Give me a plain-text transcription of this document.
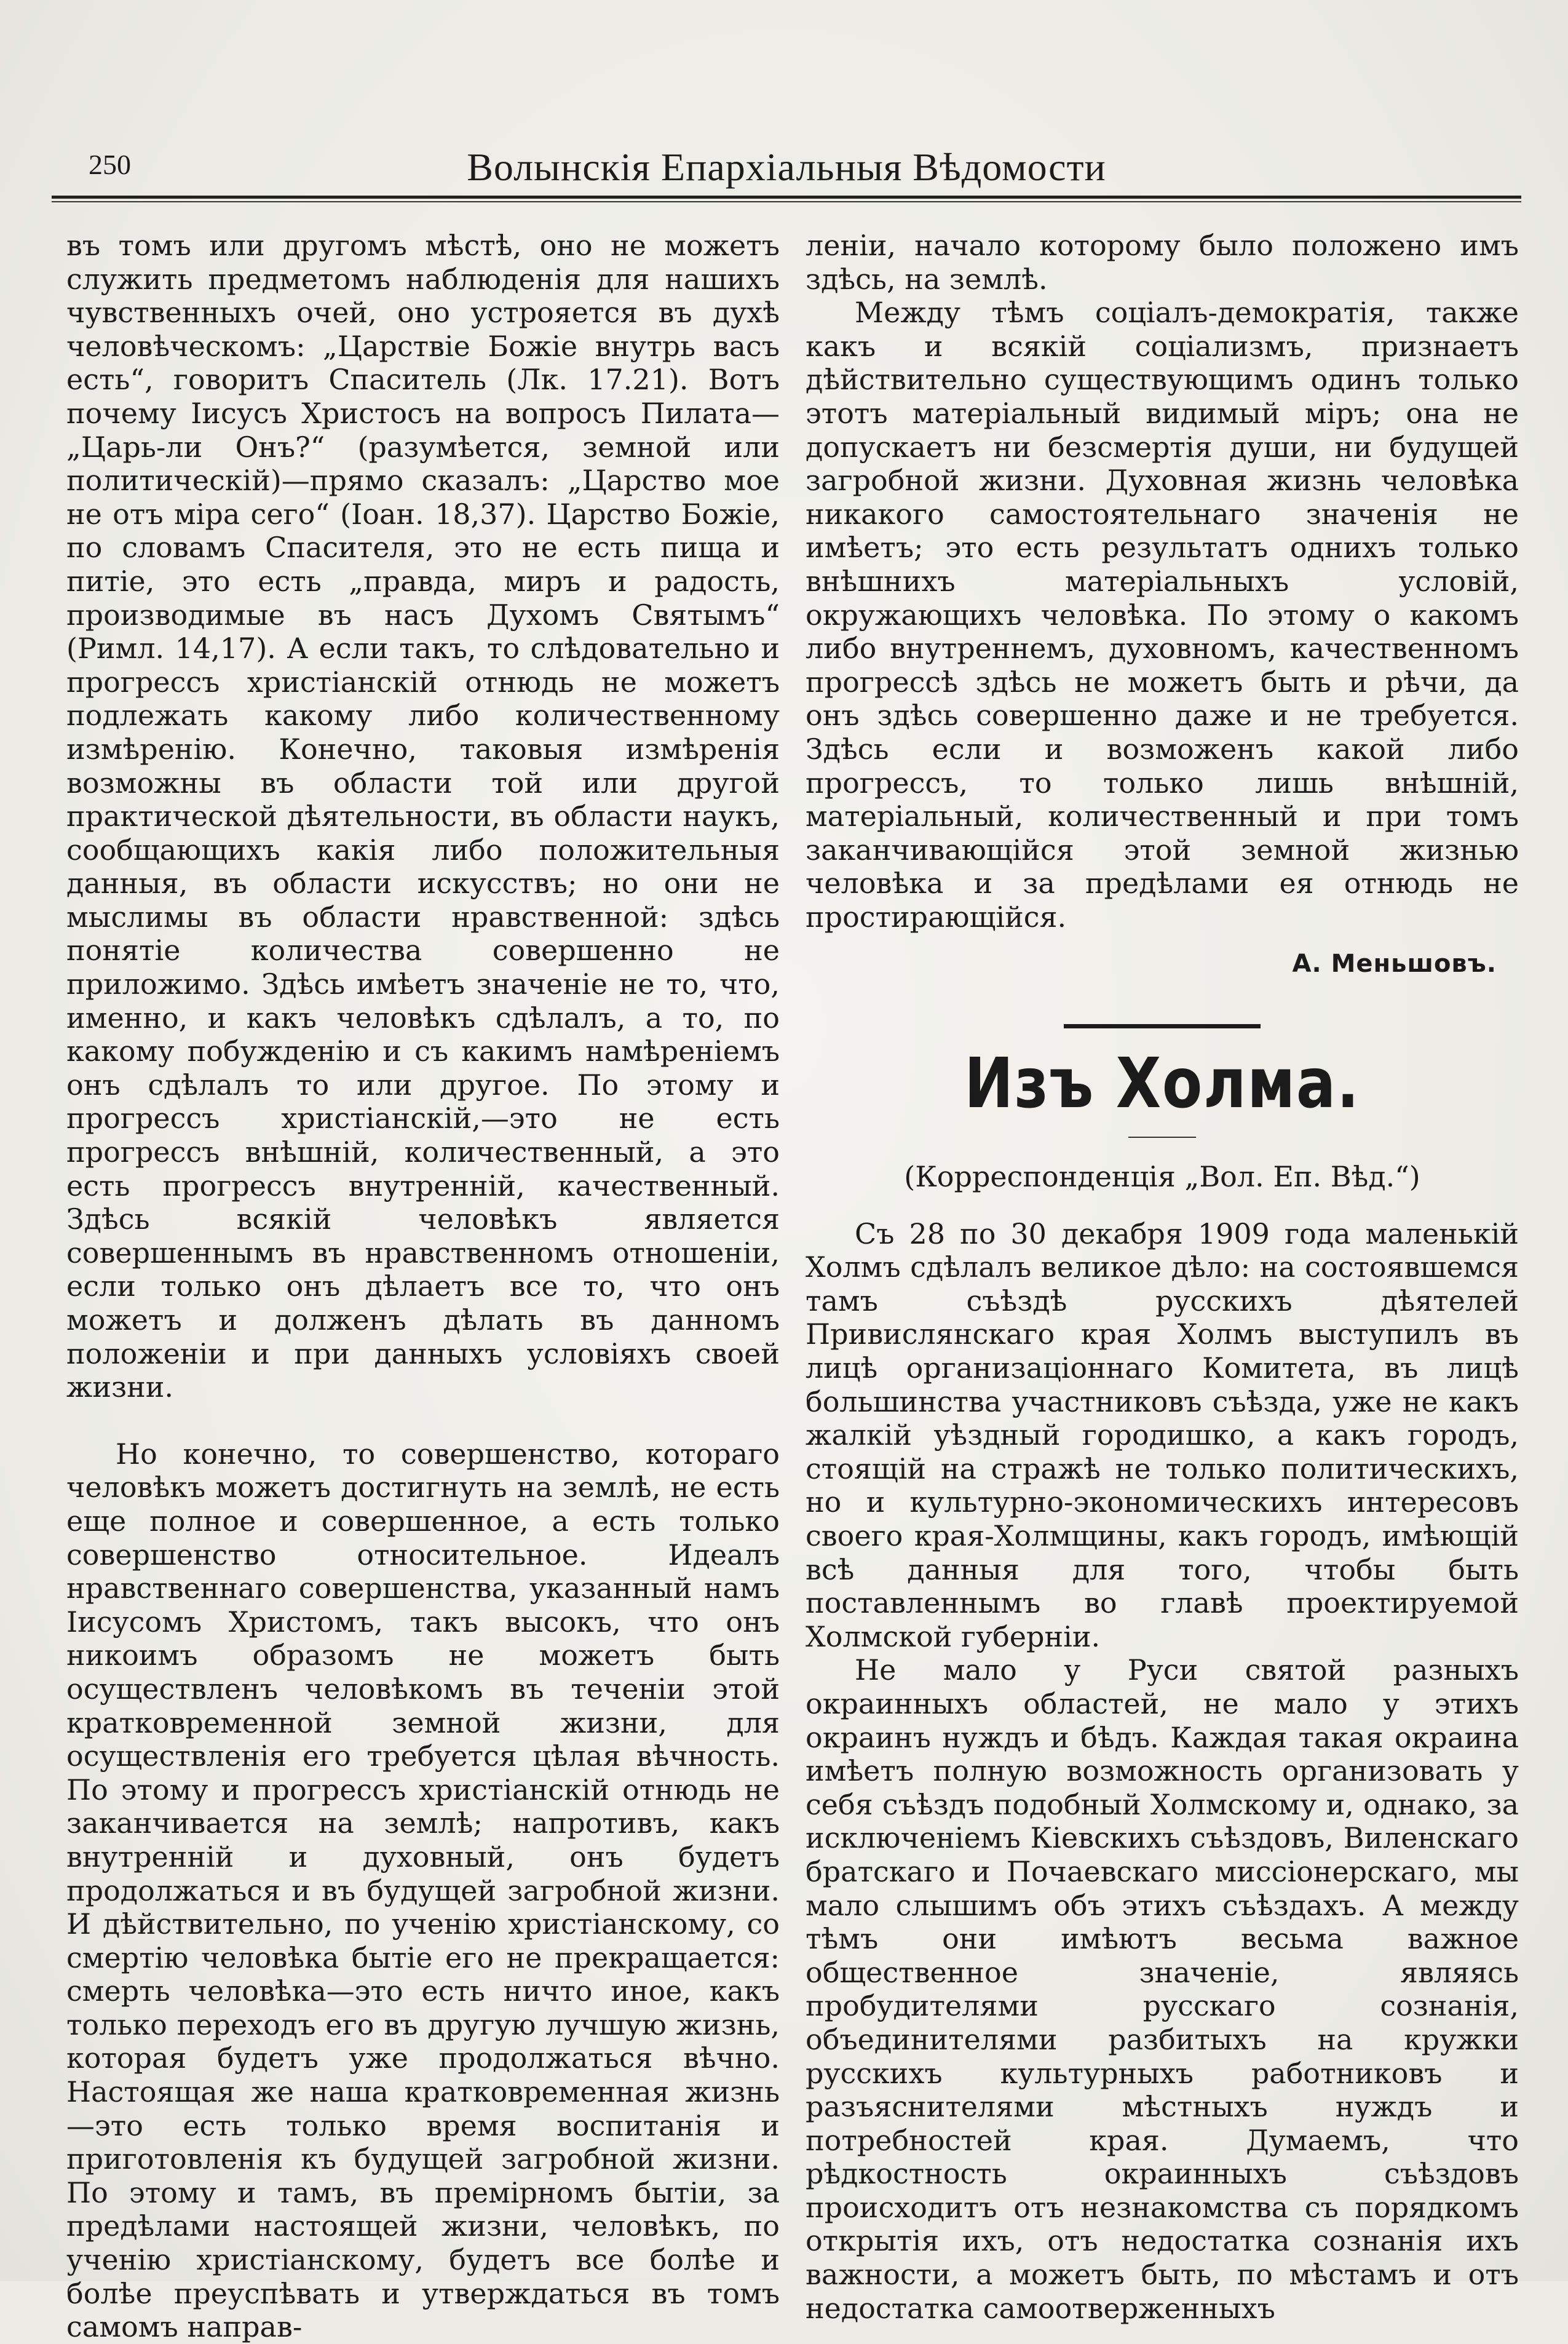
250	Волынскія Епархіальныя Вѣдомости

въ томъ или другомъ мѣстѣ, оно не можетъ служить предметомъ наблюденія для нашихъ чувственныхъ очей, оно устрояется въ духѣ человѣческомъ: „Царствіе Божіе внутрь васъ есть“, говоритъ Спаситель (Лк. 17.21). Вотъ почему Іисусъ Христосъ на вопросъ Пилата—„Царь-ли Онъ?“ (разумѣется, земной или политическій)—прямо сказалъ: „Царство мое не отъ міра сего“ (Іоан. 18,37). Царство Божіе, по словамъ Спасителя, это не есть пища и питіе, это есть „правда, миръ и радость, производимые въ насъ Духомъ Святымъ“ (Римл. 14,17). А если такъ, то слѣдовательно и прогрессъ христіанскій отнюдь не можетъ подлежать какому либо количественному измѣренію. Конечно, таковыя измѣренія возможны въ области той или другой практической дѣятельности, въ области наукъ, сообщающихъ какія либо положительныя данныя, въ области искусствъ; но они не мыслимы въ области нравственной: здѣсь понятіе количества совершенно не приложимо. Здѣсь имѣетъ значеніе не то, что, именно, и какъ человѣкъ сдѣлалъ, а то, по какому побужденію и съ какимъ намѣреніемъ онъ сдѣлалъ то или другое. По этому и прогрессъ христіанскій,—это не есть прогрессъ внѣшній, количественный, а это есть прогрессъ внутренній, качественный. Здѣсь всякій человѣкъ является совершеннымъ въ нравственномъ отношеніи, если только онъ дѣлаетъ все то, что онъ можетъ и долженъ дѣлать въ данномъ положеніи и при данныхъ условіяхъ своей жизни.

Но конечно, то совершенство, котораго человѣкъ можетъ достигнуть на землѣ, не есть еще полное и совершенное, а есть только совершенство относительное. Идеалъ нравственнаго совершенства, указанный намъ Іисусомъ Христомъ, такъ высокъ, что онъ никоимъ образомъ не можетъ быть осуществленъ человѣкомъ въ теченіи этой кратковременной земной жизни, для осуществленія его требуется цѣлая вѣчность. По этому и прогрессъ христіанскій отнюдь не заканчивается на землѣ; напротивъ, какъ внутренній и духовный, онъ будетъ продолжаться и въ будущей загробной жизни. И дѣйствительно, по ученію христіанскому, со смертію человѣка бытіе его не прекращается: смерть человѣка—это есть ничто иное, какъ только переходъ его въ другую лучшую жизнь, которая будетъ уже продолжаться вѣчно. Настоящая же наша кратковременная жизнь—это есть только время воспитанія и приготовленія къ будущей загробной жизни. По этому и тамъ, въ премірномъ бытіи, за предѣлами настоящей жизни, человѣкъ, по ученію христіанскому, будетъ все болѣе и болѣе преуспѣвать и утверждаться въ томъ самомъ направ-

леніи, начало которому было положено имъ здѣсь, на землѣ.

Между тѣмъ соціалъ-демократія, также какъ и всякій соціализмъ, признаетъ дѣйствительно существующимъ одинъ только этотъ матеріальный видимый міръ; она не допускаетъ ни безсмертія души, ни будущей загробной жизни. Духовная жизнь человѣка никакого самостоятельнаго значенія не имѣетъ; это есть результатъ однихъ только внѣшнихъ матеріальныхъ условій, окружающихъ человѣка. По этому о какомъ либо внутреннемъ, духовномъ, качественномъ прогрессѣ здѣсь не можетъ быть и рѣчи, да онъ здѣсь совершенно даже и не требуется. Здѣсь если и возможенъ какой либо прогрессъ, то только лишь внѣшній, матеріальный, количественный и при томъ заканчивающійся этой земной жизнью человѣка и за предѣлами ея отнюдь не простирающійся.

А. Меньшовъ.
Изъ Холма.
(Корреспонденція „Вол. Еп. Вѣд.“)

Съ 28 по 30 декабря 1909 года маленькій Холмъ сдѣлалъ великое дѣло: на состоявшемся тамъ съѣздѣ русскихъ дѣятелей Привислянскаго края Холмъ выступилъ въ лицѣ организаціоннаго Комитета, въ лицѣ большинства участниковъ съѣзда, уже не какъ жалкій уѣздный городишко, а какъ городъ, стоящій на стражѣ не только политическихъ, но и культурно-экономическихъ интересовъ своего края-Холмщины, какъ городъ, имѣющій всѣ данныя для того, чтобы быть поставленнымъ во главѣ проектируемой Холмской губерніи.

Не мало у Руси святой разныхъ окраинныхъ областей, не мало у этихъ окраинъ нуждъ и бѣдъ. Каждая такая окраина имѣетъ полную возможность организовать у себя съѣздъ подобный Холмскому и, однако, за исключеніемъ Кіевскихъ съѣздовъ, Виленскаго братскаго и Почаевскаго миссіонерскаго, мы мало слышимъ объ этихъ съѣздахъ. А между тѣмъ они имѣютъ весьма важное общественное значеніе, являясь пробудителями русскаго сознанія, объединителями разбитыхъ на кружки русскихъ культурныхъ работниковъ и разъяснителями мѣстныхъ нуждъ и потребностей края. Думаемъ, что рѣдкостность окраинныхъ съѣздовъ происходитъ отъ незнакомства съ порядкомъ открытія ихъ, отъ недостатка сознанія ихъ важности, а можетъ быть, по мѣстамъ и отъ недостатка самоотверженныхъ
